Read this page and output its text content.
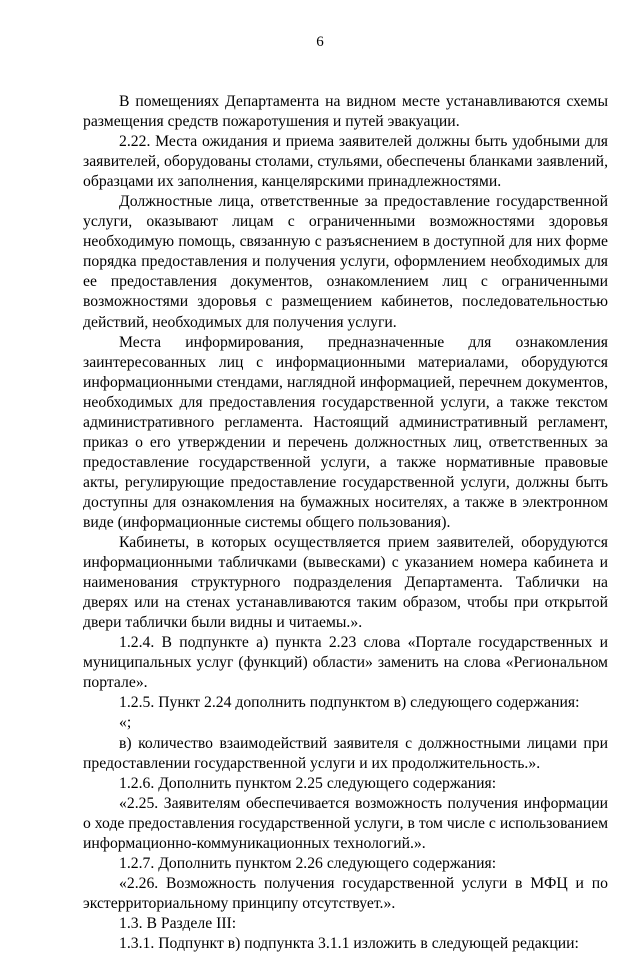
6

В помещениях Департамента на видном месте устанавливаются схемы размещения средств пожаротушения и путей эвакуации.

2.22. Места ожидания и приема заявителей должны быть удобными для заявителей, оборудованы столами, стульями, обеспечены бланками заявлений, образцами их заполнения, канцелярскими принадлежностями.

Должностные лица, ответственные за предоставление государственной услуги, оказывают лицам с ограниченными возможностями здоровья необходимую помощь, связанную с разъяснением в доступной для них форме порядка предоставления и получения услуги, оформлением необходимых для ее предоставления документов, ознакомлением лиц с ограниченными возможностями здоровья с размещением кабинетов, последовательностью действий, необходимых для получения услуги.

Места информирования, предназначенные для ознакомления заинтересованных лиц с информационными материалами, оборудуются информационными стендами, наглядной информацией, перечнем документов, необходимых для предоставления государственной услуги, а также текстом административного регламента. Настоящий административный регламент, приказ о его утверждении и перечень должностных лиц, ответственных за предоставление государственной услуги, а также нормативные правовые акты, регулирующие предоставление государственной услуги, должны быть доступны для ознакомления на бумажных носителях, а также в электронном виде (информационные системы общего пользования).

Кабинеты, в которых осуществляется прием заявителей, оборудуются информационными табличками (вывесками) с указанием номера кабинета и наименования структурного подразделения Департамента. Таблички на дверях или на стенах устанавливаются таким образом, чтобы при открытой двери таблички были видны и читаемы.».

1.2.4. В подпункте а) пункта 2.23 слова «Портале государственных и муниципальных услуг (функций) области» заменить на слова «Региональном портале».

1.2.5. Пункт 2.24 дополнить подпунктом в) следующего содержания:

«;

в) количество взаимодействий заявителя с должностными лицами при предоставлении государственной услуги и их продолжительность.».

1.2.6. Дополнить пунктом 2.25 следующего содержания:

«2.25. Заявителям обеспечивается возможность получения информации о ходе предоставления государственной услуги, в том числе с использованием информационно-коммуникационных технологий.».

1.2.7. Дополнить пунктом 2.26 следующего содержания:

«2.26. Возможность получения государственной услуги в МФЦ и по экстерриториальному принципу отсутствует.».

1.3. В Разделе III:

1.3.1. Подпункт в) подпункта 3.1.1 изложить в следующей редакции:
